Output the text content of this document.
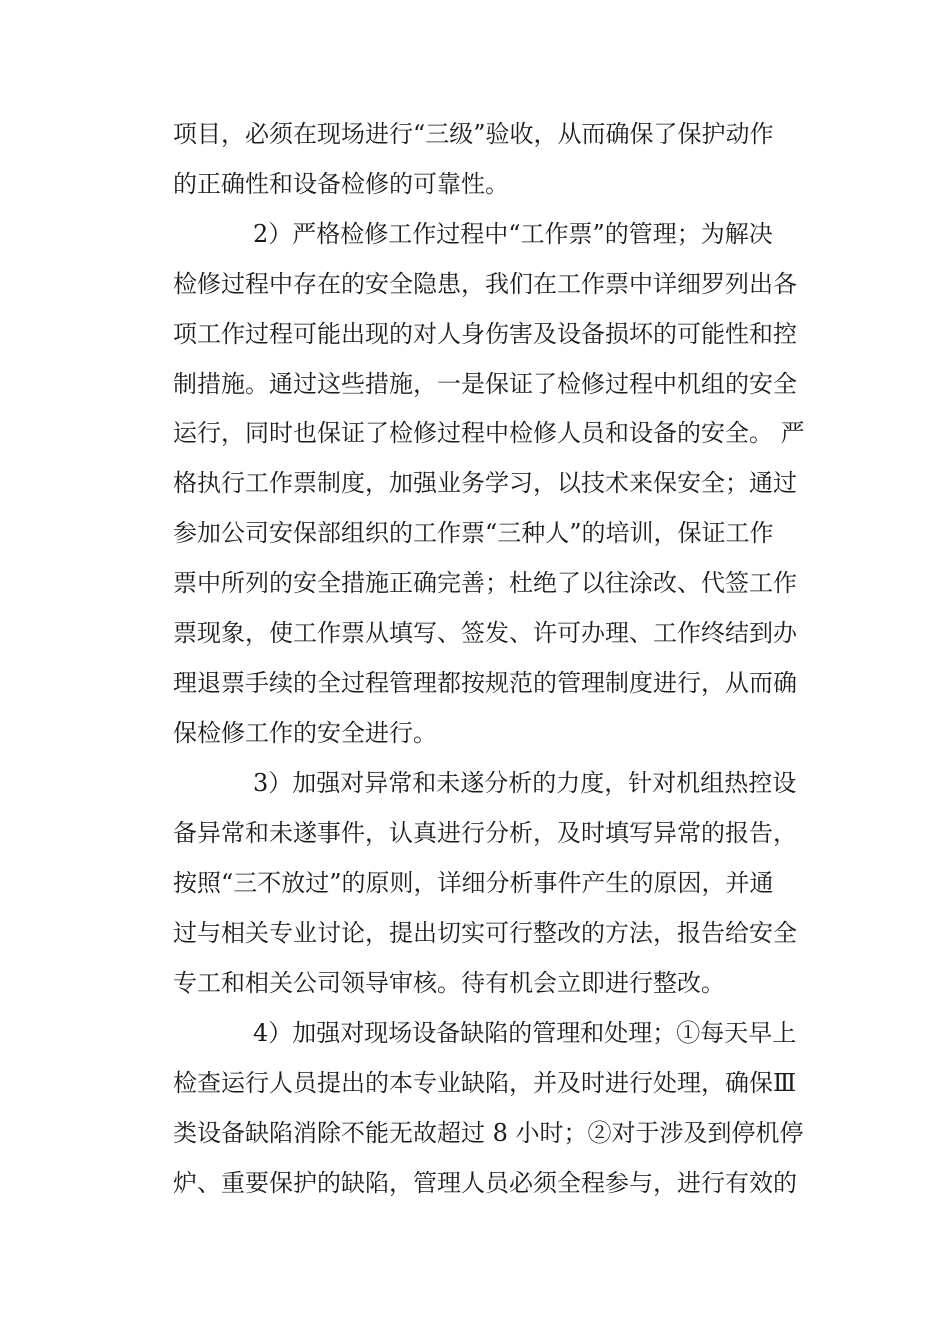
项目，必须在现场进行“三级”验收，从而确保了保护动作
的正确性和设备检修的可靠性。
2）严格检修工作过程中“工作票”的管理；为解决
检修过程中存在的安全隐患，我们在工作票中详细罗列出各
项工作过程可能出现的对人身伤害及设备损坏的可能性和控
制措施。通过这些措施，一是保证了检修过程中机组的安全
运行，同时也保证了检修过程中检修人员和设备的安全。 严
格执行工作票制度，加强业务学习，以技术来保安全；通过
参加公司安保部组织的工作票“三种人”的培训，保证工作
票中所列的安全措施正确完善；杜绝了以往涂改、代签工作
票现象，使工作票从填写、签发、许可办理、工作终结到办
理退票手续的全过程管理都按规范的管理制度进行，从而确
保检修工作的安全进行。
3）加强对异常和未遂分析的力度，针对机组热控设
备异常和未遂事件，认真进行分析，及时填写异常的报告，
按照“三不放过”的原则，详细分析事件产生的原因，并通
过与相关专业讨论，提出切实可行整改的方法，报告给安全
专工和相关公司领导审核。待有机会立即进行整改。
4）加强对现场设备缺陷的管理和处理；①每天早上
检查运行人员提出的本专业缺陷，并及时进行处理，确保Ⅲ
类设备缺陷消除不能无故超过 8 小时；②对于涉及到停机停
炉、重要保护的缺陷，管理人员必须全程参与，进行有效的
